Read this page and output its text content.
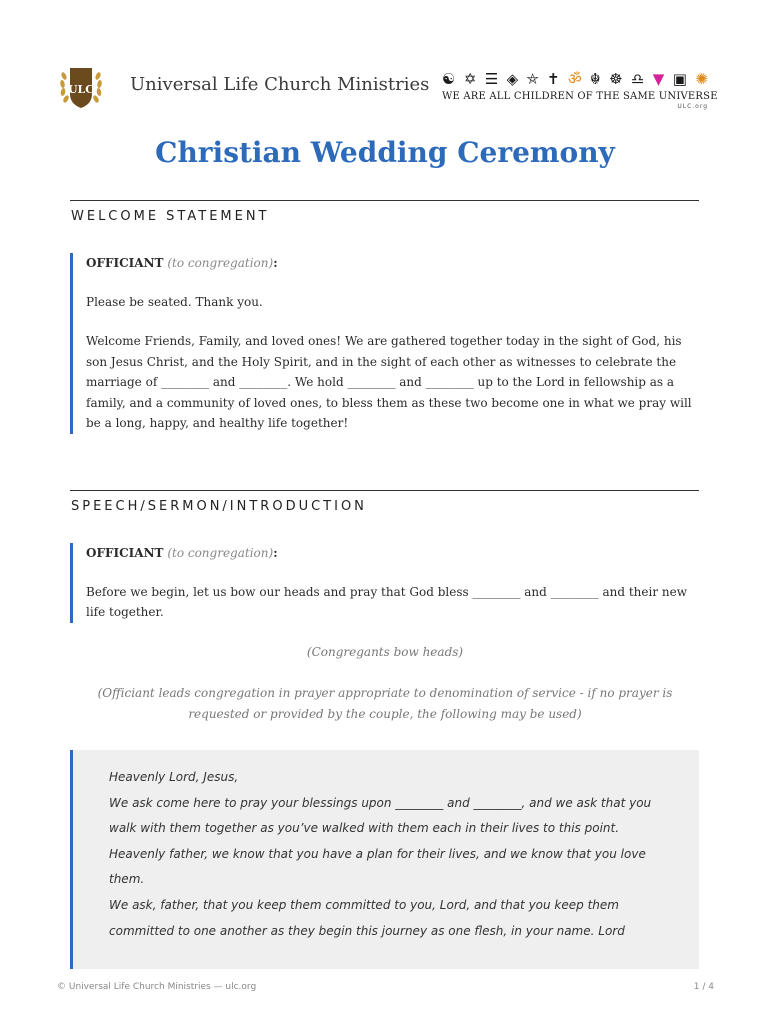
ULC Universal Life Church Ministries ☯ ✡ ☰ ◈ ⛤ ✝ ॐ ☬ ☸ ♎ ▼ ▣ ✺
WE ARE ALL CHILDREN OF THE SAME UNIVERSE
ULC.org
Christian Wedding Ceremony
WELCOME STATEMENT

OFFICIANT (to congregation):

Please be seated. Thank you.

Welcome Friends, Family, and loved ones! We are gathered together today in the sight of God, his son Jesus Christ, and the Holy Spirit, and in the sight of each other as witnesses to celebrate the marriage of ________ and ________. We hold ________ and ________ up to the Lord in fellowship as a family, and a community of loved ones, to bless them as these two become one in what we pray will be a long, happy, and healthy life together!

SPEECH/SERMON/INTRODUCTION

OFFICIANT (to congregation):

Before we begin, let us bow our heads and pray that God bless ________ and ________ and their new life together.

(Congregants bow heads)
(Officiant leads congregation in prayer appropriate to denomination of service - if no prayer is requested or provided by the couple, the following may be used)

Heavenly Lord, Jesus,

We ask come here to pray your blessings upon ________ and ________, and we ask that you walk with them together as you’ve walked with them each in their lives to this point.

Heavenly father, we know that you have a plan for their lives, and we know that you love them.

We ask, father, that you keep them committed to you, Lord, and that you keep them committed to one another as they begin this journey as one flesh, in your name. Lord

© Universal Life Church Ministries — ulc.org	1 / 4
